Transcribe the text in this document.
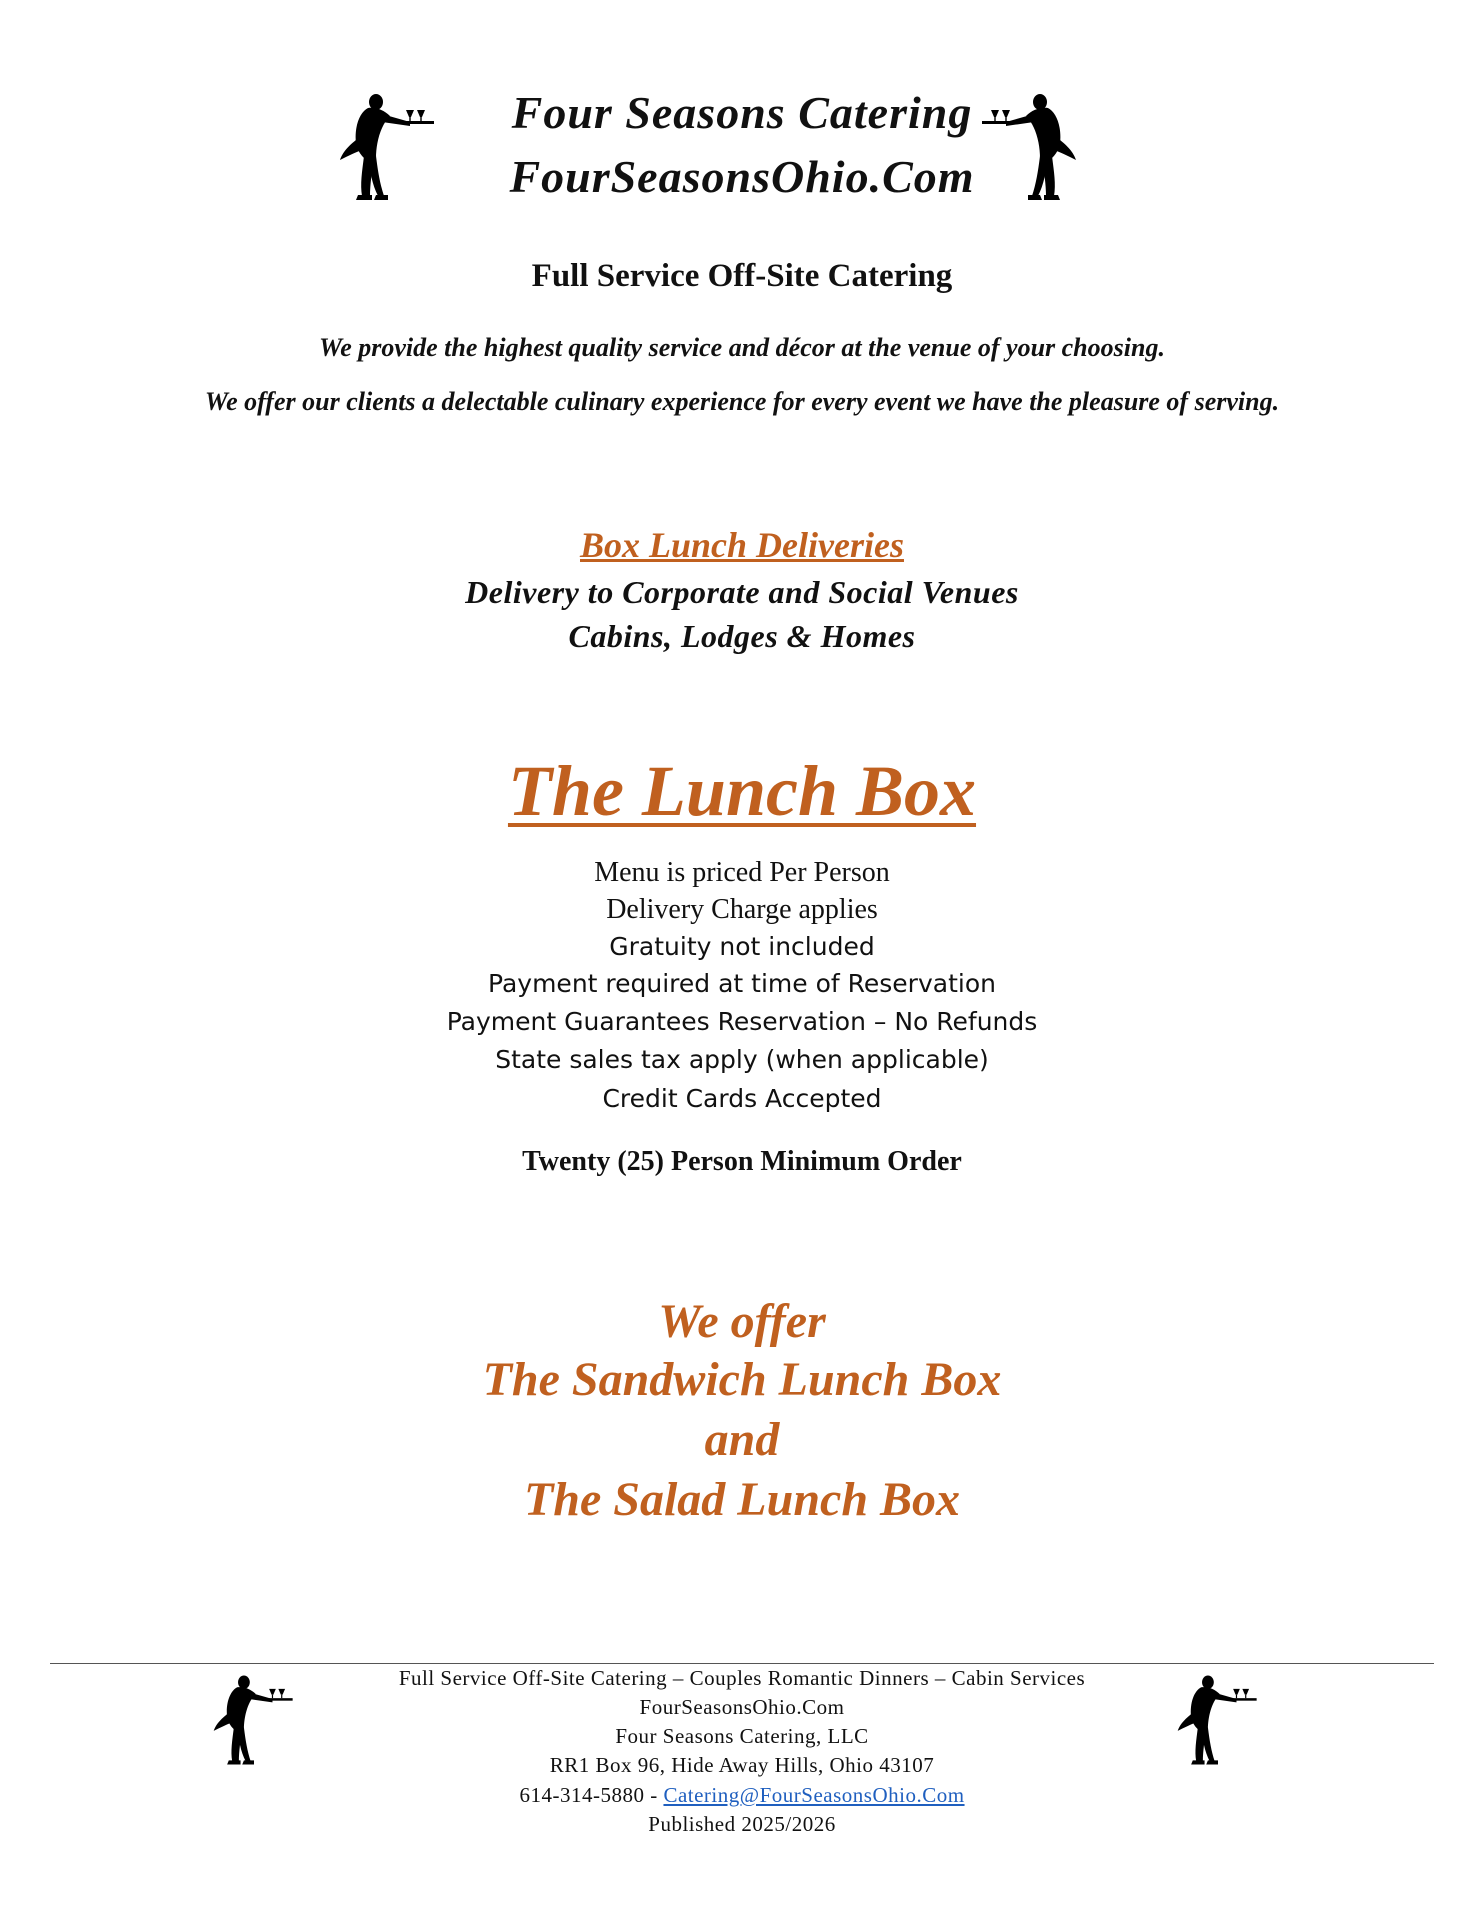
Four Seasons Catering
FourSeasonsOhio.Com
Full Service Off-Site Catering
We provide the highest quality service and décor at the venue of your choosing.
We offer our clients a delectable culinary experience for every event we have the pleasure of serving.
Box Lunch Deliveries
Delivery to Corporate and Social Venues
Cabins, Lodges & Homes
The Lunch Box
Menu is priced Per Person
Delivery Charge applies
Gratuity not included
Payment required at time of Reservation
Payment Guarantees Reservation – No Refunds
State sales tax apply (when applicable)
Credit Cards Accepted
Twenty (25) Person Minimum Order
We offer
The Sandwich Lunch Box
and
The Salad Lunch Box
Full Service Off-Site Catering – Couples Romantic Dinners – Cabin Services
FourSeasonsOhio.Com
Four Seasons Catering, LLC
RR1 Box 96, Hide Away Hills, Ohio 43107
614-314-5880 - Catering@FourSeasonsOhio.Com
Published 2025/2026
